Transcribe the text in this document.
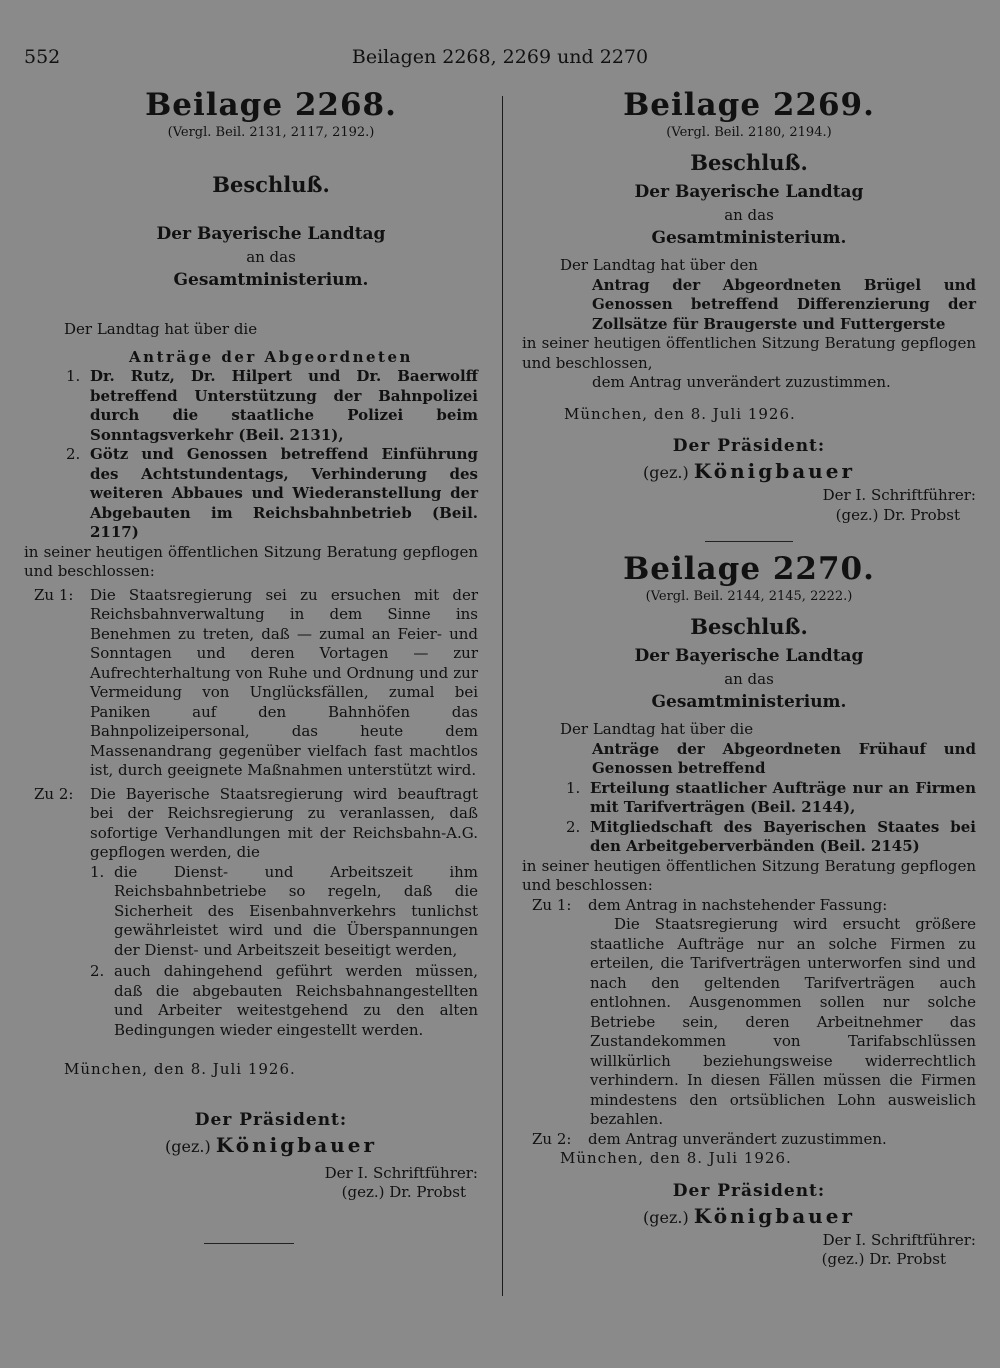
552	Beilagen 2268, 2269 und 2270
Beilage 2268.
(Vergl. Beil. 2131, 2117, 2192.)
Beschluß.
Der Bayerische Landtag
an das
Gesamtministerium.
Der Landtag hat über die
Anträge der Abgeordneten
1. Dr. Rutz, Dr. Hilpert und Dr. Baerwolff betreffend Unterstützung der Bahnpolizei durch die staatliche Polizei beim Sonntagsverkehr (Beil. 2131),
2. Götz und Genossen betreffend Einführung des Achtstundentags, Verhinderung des weiteren Abbaues und Wiederanstellung der Abgebauten im Reichsbahnbetrieb (Beil. 2117)
in seiner heutigen öffentlichen Sitzung Beratung gepflogen und beschlossen:
Zu 1:	Die Staatsregierung sei zu ersuchen mit der Reichsbahnverwaltung in dem Sinne ins Benehmen zu treten, daß — zumal an Feier- und Sonntagen und deren Vortagen — zur Aufrechterhaltung von Ruhe und Ordnung und zur Vermeidung von Unglücksfällen, zumal bei Paniken auf den Bahnhöfen das Bahnpolizeipersonal, das heute dem Massenandrang gegenüber vielfach fast machtlos ist, durch geeignete Maßnahmen unterstützt wird.
Zu 2:	Die Bayerische Staatsregierung wird beauftragt bei der Reichsregierung zu veranlassen, daß sofortige Verhandlungen mit der Reichsbahn-A.G. gepflogen werden, die
1. die Dienst- und Arbeitszeit ihm Reichsbahnbetriebe so regeln, daß die Sicherheit des Eisenbahnverkehrs tunlichst gewährleistet wird und die Überspannungen der Dienst- und Arbeitszeit beseitigt werden,
2. auch dahingehend geführt werden müssen, daß die abgebauten Reichsbahnangestellten und Arbeiter weitestgehend zu den alten Bedingungen wieder eingestellt werden.
München, den 8. Juli 1926.
Der Präsident:
(gez.) Königbauer
Der I. Schriftführer:
(gez.) Dr. Probst
Beilage 2269.
(Vergl. Beil. 2180, 2194.)
Beschluß.
Der Bayerische Landtag
an das
Gesamtministerium.
Der Landtag hat über den
Antrag der Abgeordneten Brügel und Genossen betreffend Differenzierung der Zollsätze für Braugerste und Futtergerste
in seiner heutigen öffentlichen Sitzung Beratung gepflogen und beschlossen,
dem Antrag unverändert zuzustimmen.
München, den 8. Juli 1926.
Der Präsident:
(gez.) Königbauer
Der I. Schriftführer:
(gez.) Dr. Probst
Beilage 2270.
(Vergl. Beil. 2144, 2145, 2222.)
Beschluß.
Der Bayerische Landtag
an das
Gesamtministerium.
Der Landtag hat über die
Anträge der Abgeordneten Frühauf und Genossen betreffend
1. Erteilung staatlicher Aufträge nur an Firmen mit Tarifverträgen (Beil. 2144),
2. Mitgliedschaft des Bayerischen Staates bei den Arbeitgeberverbänden (Beil. 2145)
in seiner heutigen öffentlichen Sitzung Beratung gepflogen und beschlossen:
Zu 1:	dem Antrag in nachstehender Fassung:
Die Staatsregierung wird ersucht größere staatliche Aufträge nur an solche Firmen zu erteilen, die Tarifverträgen unterworfen sind und nach den geltenden Tarifverträgen auch entlohnen. Ausgenommen sollen nur solche Betriebe sein, deren Arbeitnehmer das Zustandekommen von Tarifabschlüssen willkürlich beziehungsweise widerrechtlich verhindern. In diesen Fällen müssen die Firmen mindestens den ortsüblichen Lohn ausweislich bezahlen.
Zu 2:	dem Antrag unverändert zuzustimmen.
München, den 8. Juli 1926.
Der Präsident:
(gez.) Königbauer
Der I. Schriftführer:
(gez.) Dr. Probst
